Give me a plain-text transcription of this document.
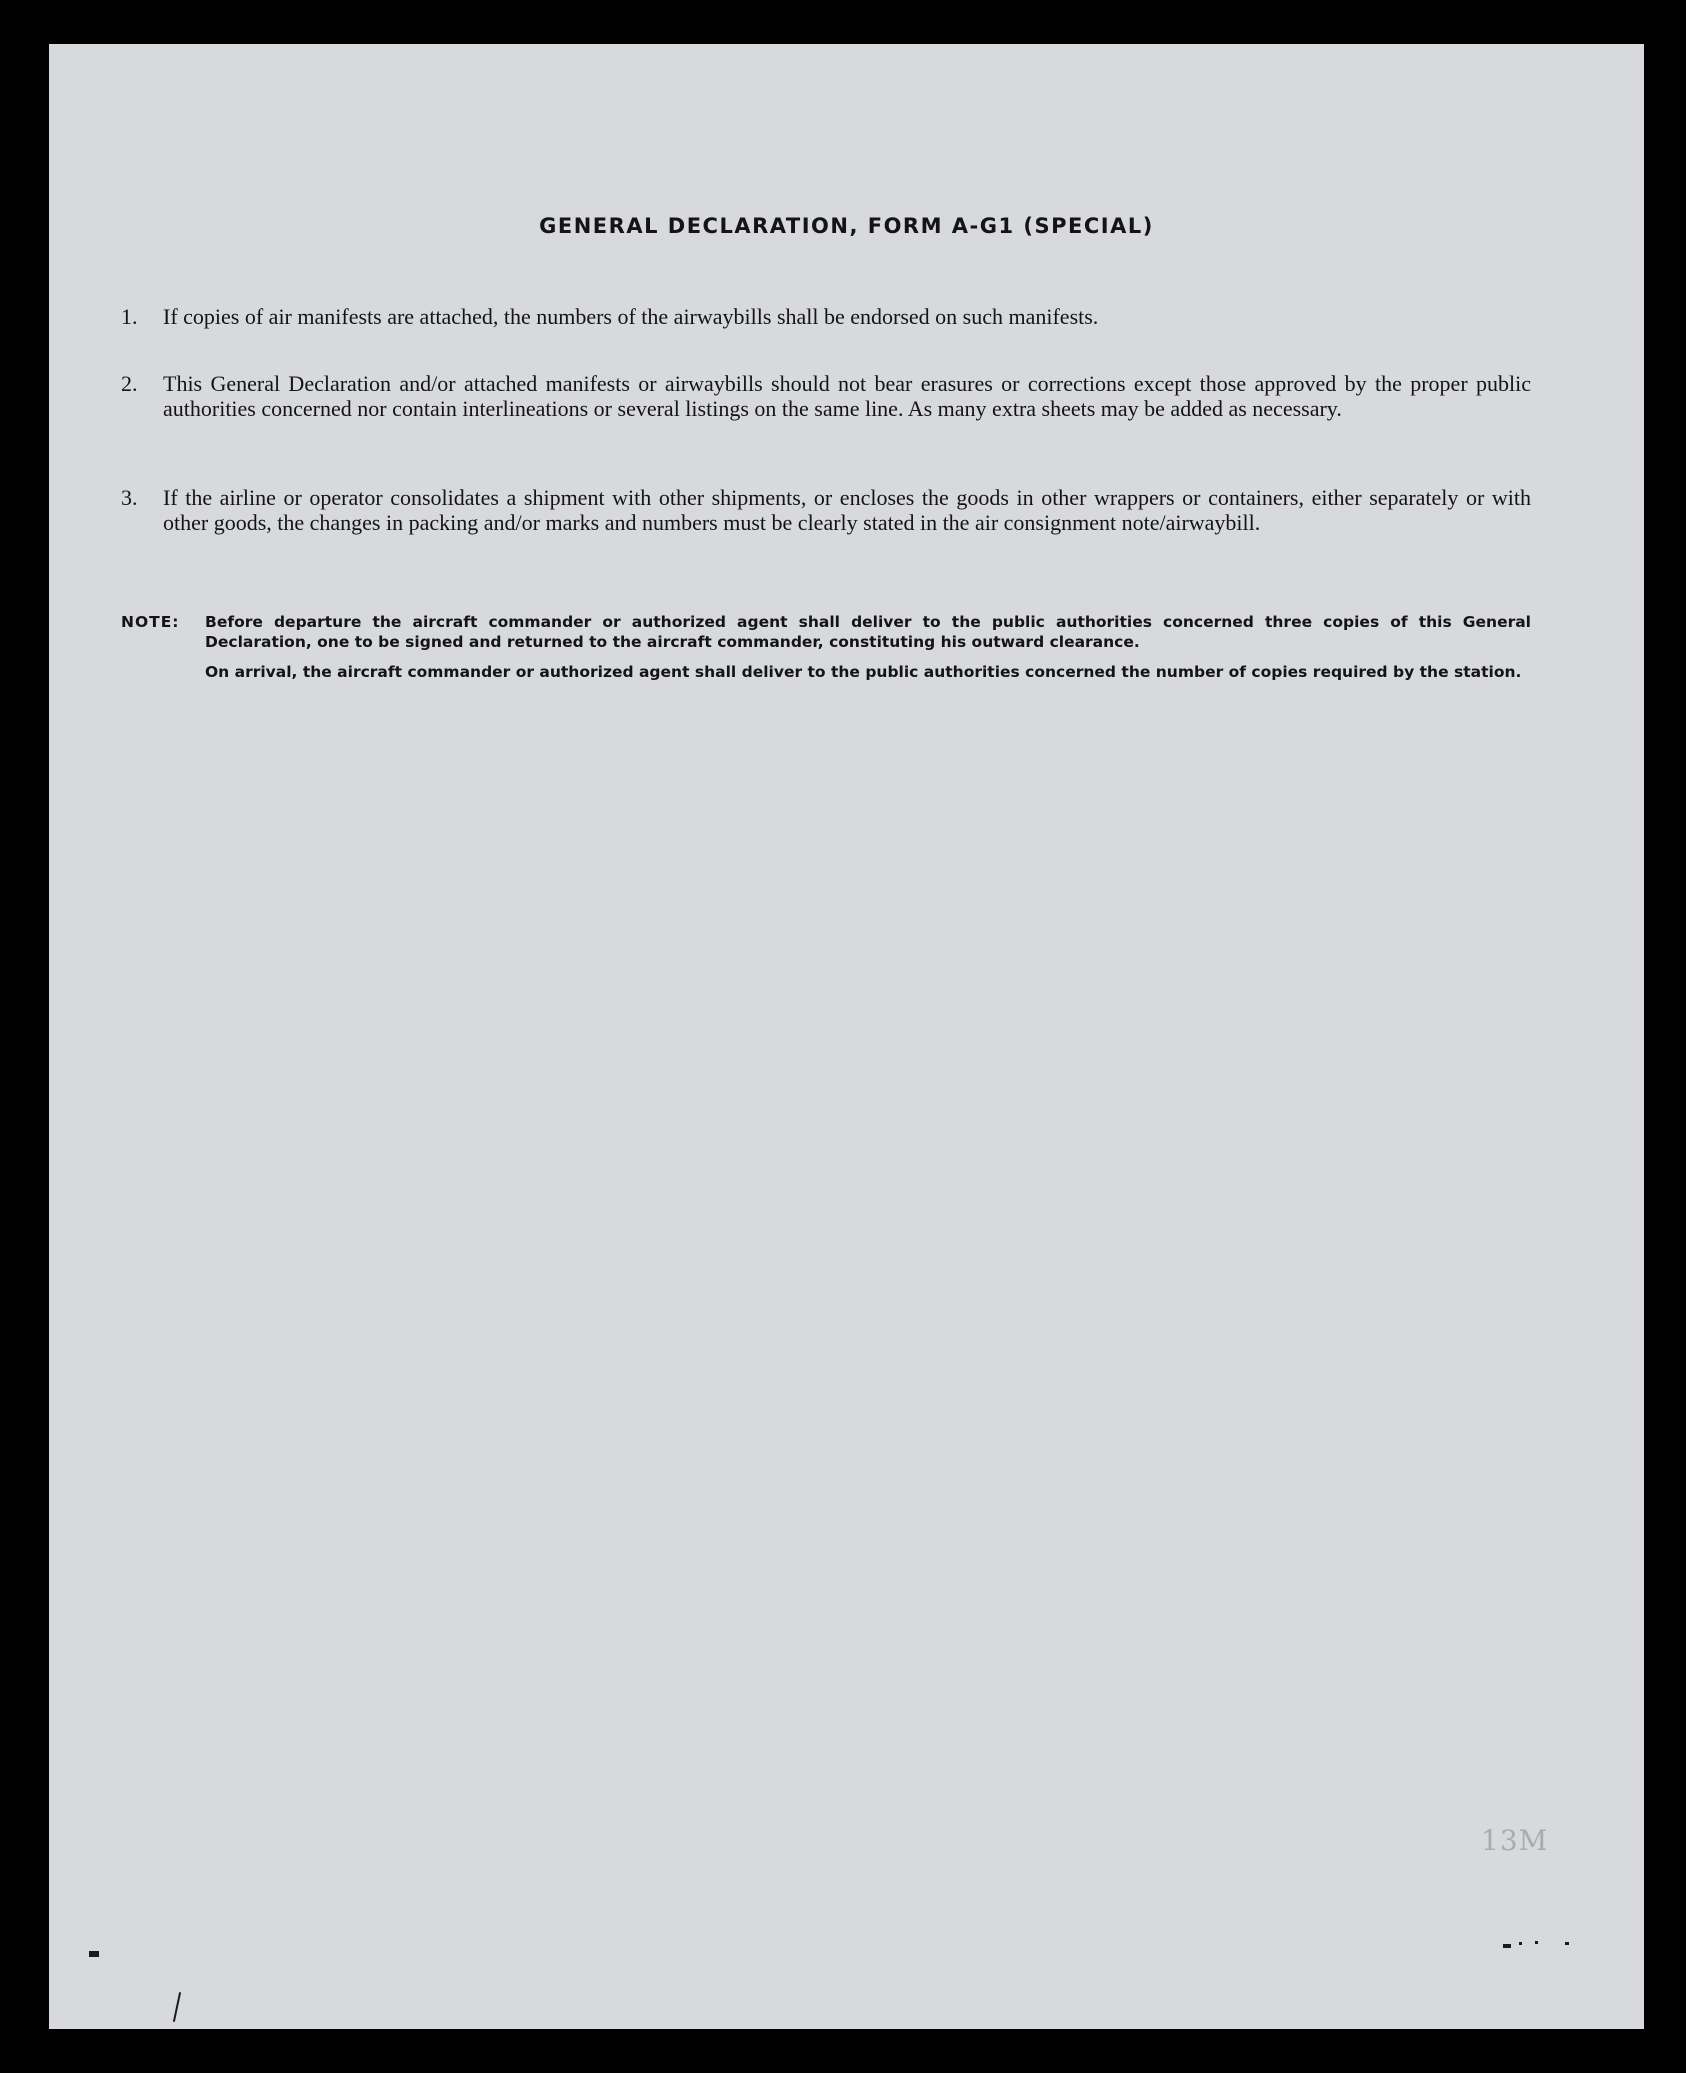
GENERAL DECLARATION, FORM A-G1 (SPECIAL)
1. If copies of air manifests are attached, the numbers of the airwaybills shall be endorsed on such manifests.
2. This General Declaration and/or attached manifests or airwaybills should not bear erasures or corrections except those approved by the proper public authorities concerned nor contain interlineations or several listings on the same line. As many extra sheets may be added as necessary.
3. If the airline or operator consolidates a shipment with other shipments, or encloses the goods in other wrappers or containers, either separately or with other goods, the changes in packing and/or marks and numbers must be clearly stated in the air consignment note/airwaybill.
NOTE: Before departure the aircraft commander or authorized agent shall deliver to the public authorities concerned three copies of this General Declaration, one to be signed and returned to the aircraft commander, constituting his outward clearance.
On arrival, the aircraft commander or authorized agent shall deliver to the public authorities concerned the number of copies required by the station.
13M
